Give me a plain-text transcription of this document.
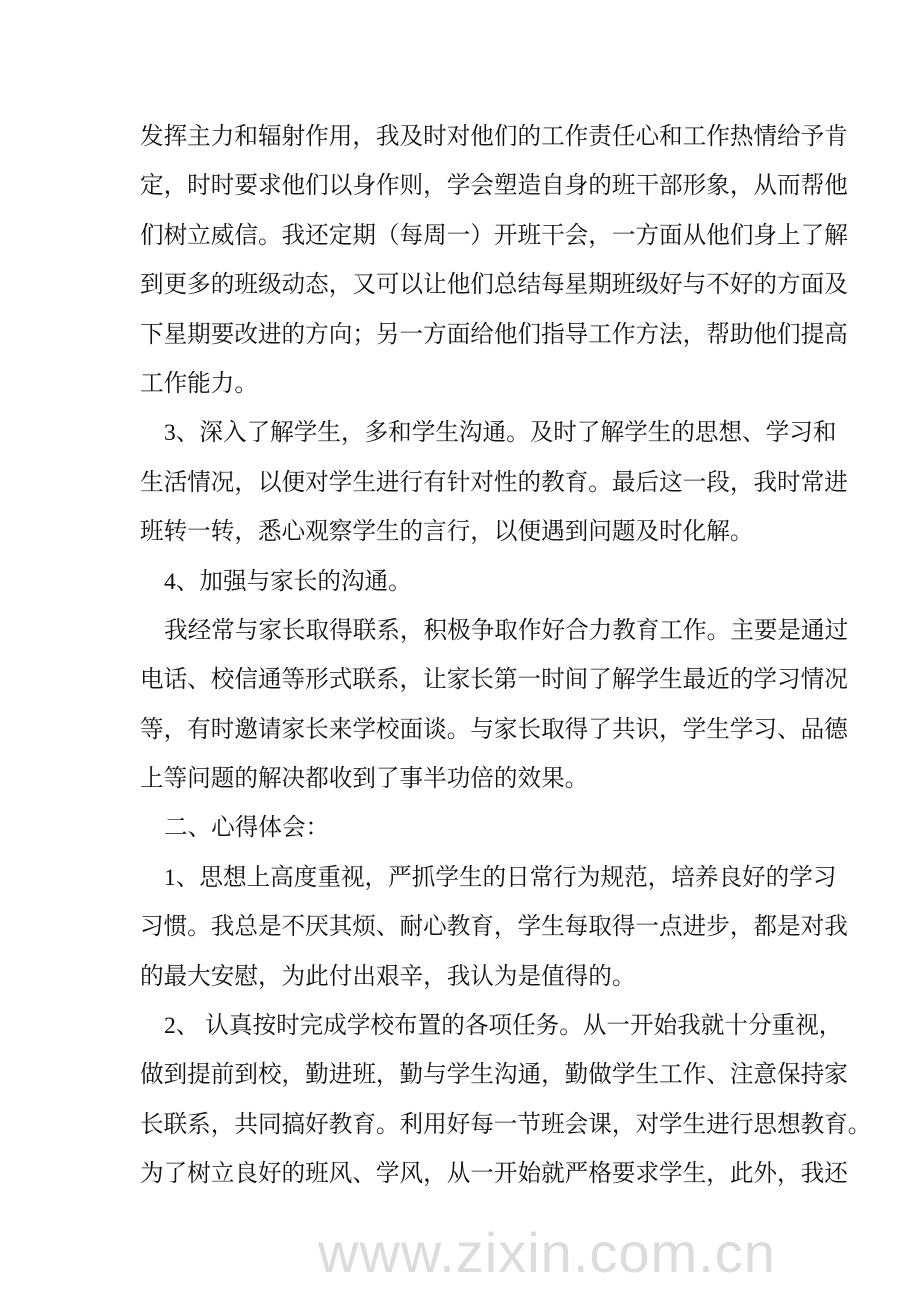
发挥主力和辐射作用，我及时对他们的工作责任心和工作热情给予肯
定，时时要求他们以身作则，学会塑造自身的班干部形象，从而帮他
们树立威信。我还定期（每周一）开班干会，一方面从他们身上了解
到更多的班级动态，又可以让他们总结每星期班级好与不好的方面及
下星期要改进的方向；另一方面给他们指导工作方法，帮助他们提高
工作能力。
3、深入了解学生，多和学生沟通。及时了解学生的思想、学习和
生活情况，以便对学生进行有针对性的教育。最后这一段，我时常进
班转一转，悉心观察学生的言行，以便遇到问题及时化解。
4、加强与家长的沟通。
我经常与家长取得联系，积极争取作好合力教育工作。主要是通过
电话、校信通等形式联系，让家长第一时间了解学生最近的学习情况
等，有时邀请家长来学校面谈。与家长取得了共识，学生学习、品德
上等问题的解决都收到了事半功倍的效果。
二、心得体会：
1、思想上高度重视，严抓学生的日常行为规范，培养良好的学习
习惯。我总是不厌其烦、耐心教育，学生每取得一点进步，都是对我
的最大安慰，为此付出艰辛，我认为是值得的。
2、 认真按时完成学校布置的各项任务。从一开始我就十分重视，
做到提前到校，勤进班，勤与学生沟通，勤做学生工作、注意保持家
长联系，共同搞好教育。利用好每一节班会课，对学生进行思想教育。
为了树立良好的班风、学风，从一开始就严格要求学生，此外，我还
www.zixin.com.cn
